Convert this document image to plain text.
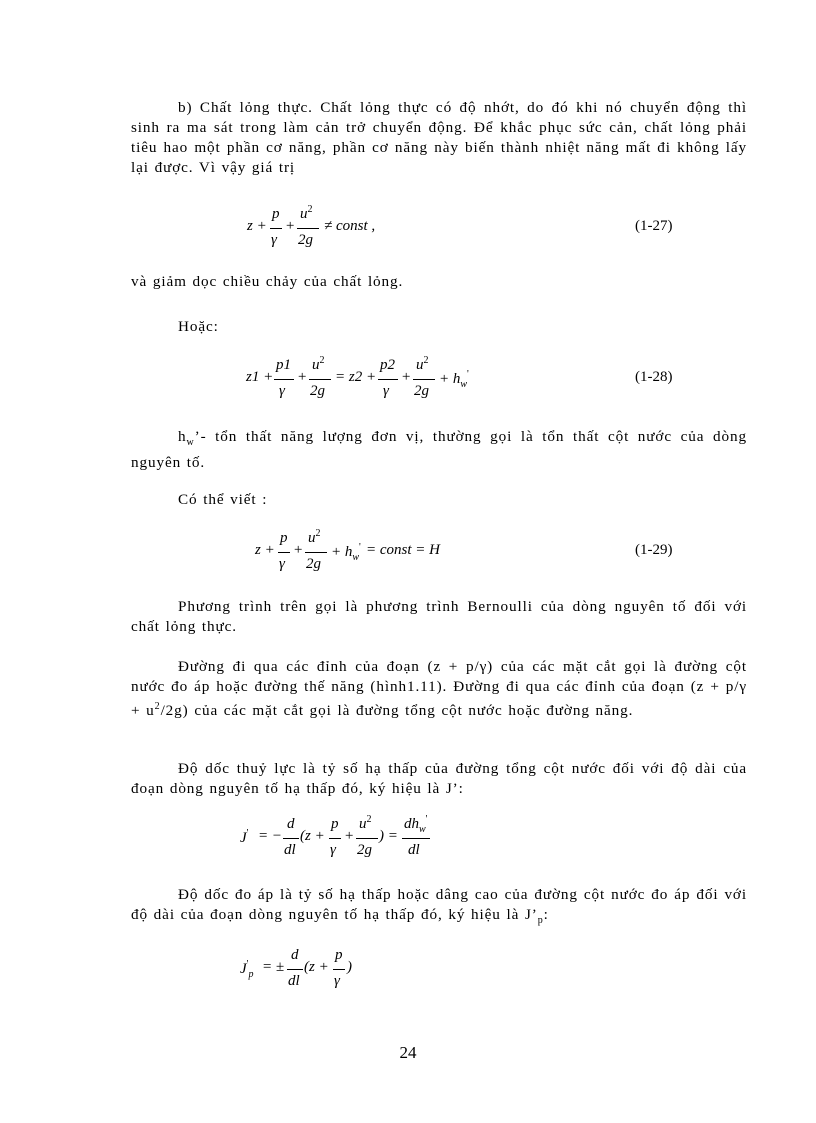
b) Chất lỏng thực. Chất lỏng thực có độ nhớt, do đó khi nó chuyển động thì sinh ra ma sát trong làm cản trở chuyển động. Để khắc phục sức cản, chất lỏng phải tiêu hao một phần cơ năng, phần cơ năng này biến thành nhiệt năng mất đi không lấy lại được. Vì vậy giá trị
z +
p
γ
+
$u^2$
2g
≠ const ,	(1-27)
và giảm dọc chiều chảy của chất lỏng.
Hoặc:
z1 +
p1
γ
+
$u^2$
2g
= z2 +
p2
γ
+
$u^2$
2g
+ $h_w'$	(1-28)
$h_w’-$ tổn thất năng lượng đơn vị, thường gọi là tổn thất cột nước của dòng nguyên tố.
Có thể viết :
z +
p
γ
+
$u^2$
2g
+ $h_w'$ = const = H	(1-29)
Phương trình trên gọi là phương trình Bernoulli của dòng nguyên tố đối với chất lỏng thực.
Đường đi qua các đỉnh của đoạn (z + p/γ) của các mặt cắt gọi là đường cột nước đo áp hoặc đường thế năng (hình1.11). Đường đi qua các đỉnh của đoạn $(z + p/\gamma + u^2/2g)$ của các mặt cắt gọi là đường tổng cột nước hoặc đường năng.
Độ dốc thuỷ lực là tỷ số hạ thấp của đường tổng cột nước đối với độ dài của đoạn dòng nguyên tố hạ thấp đó, ký hiệu là J’:
J' = −
d
dl
(z +
p
γ
+
$u^2$
2g
) =
$dh_w'$
dl
Độ dốc đo áp là tỷ số hạ thấp hoặc dâng cao của đường cột nước đo áp đối với độ dài của đoạn dòng nguyên tố hạ thấp đó, ký hiệu là $J’_p$:
$J'_p$ = ±
d
dl
(z +
p
γ
)
24
